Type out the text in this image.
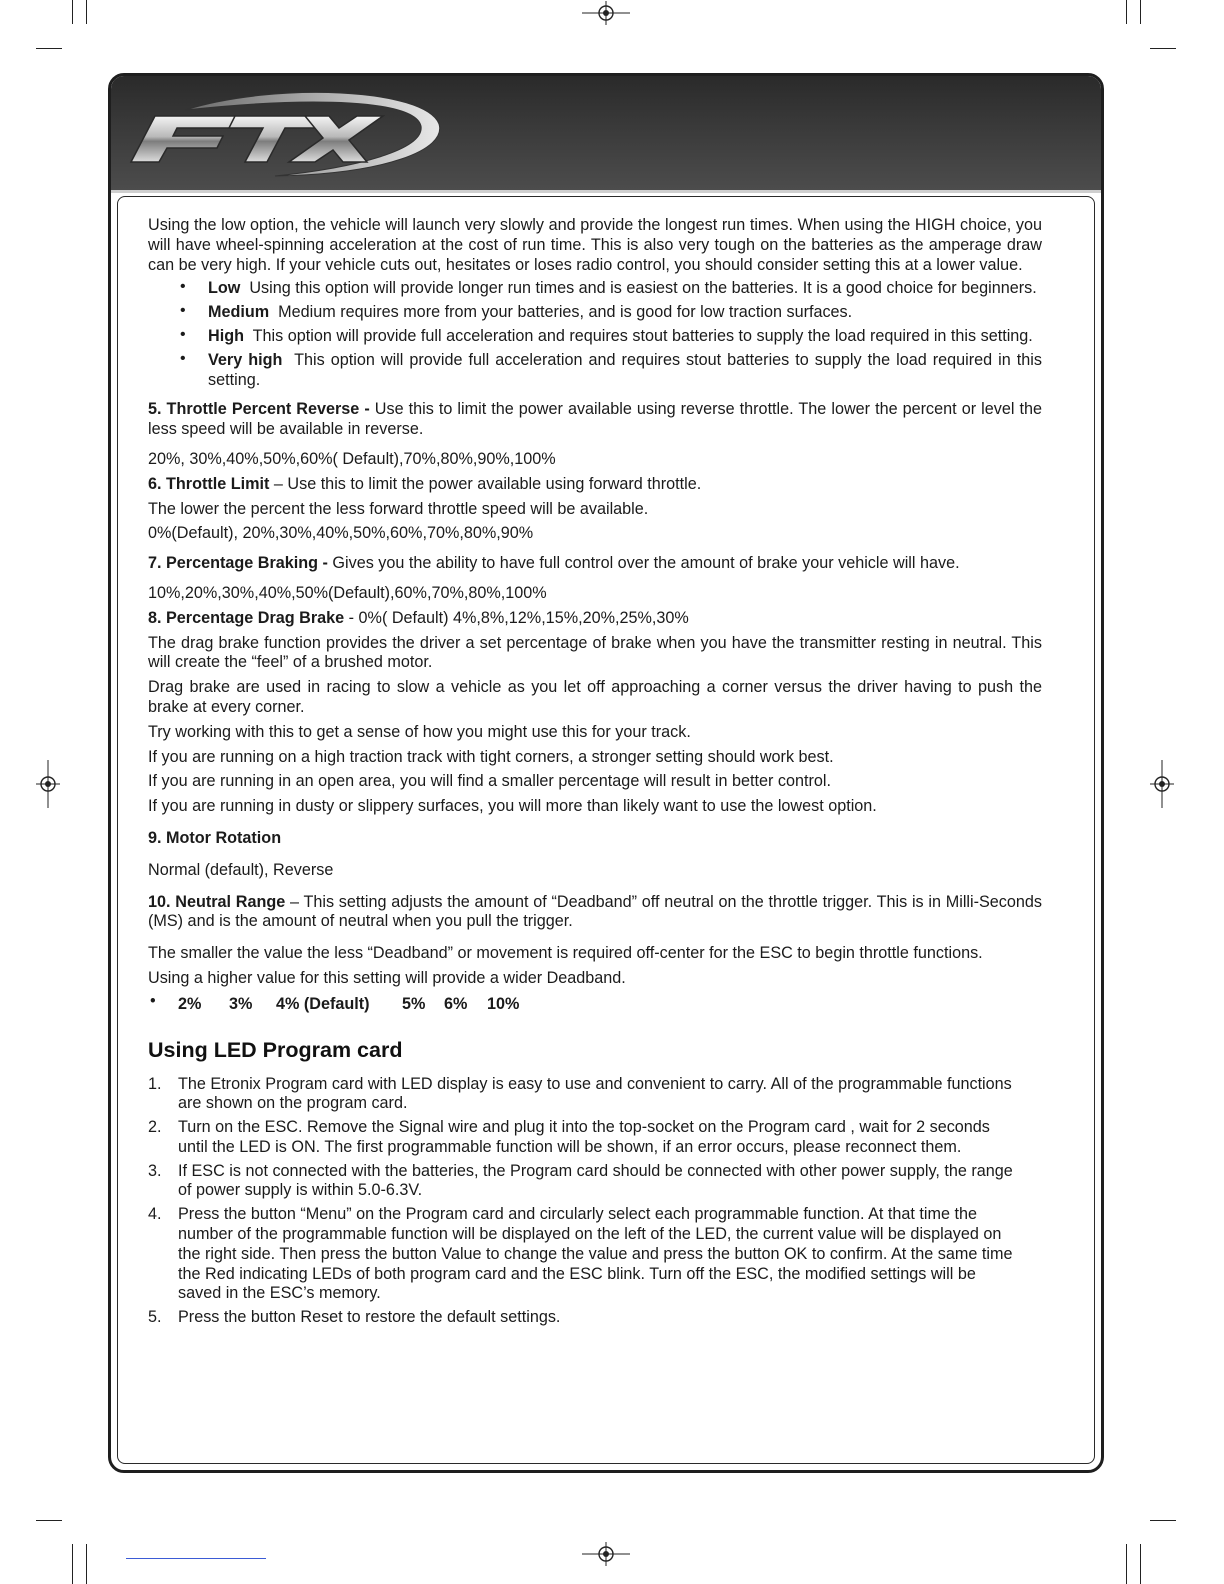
Using the low option, the vehicle will launch very slowly and provide the longest run times. When using the HIGH choice, you will have wheel-spinning acceleration at the cost of run time. This is also very tough on the batteries as the amperage draw can be very high. If your vehicle cuts out, hesitates or loses radio control, you should consider setting this at a lower value.

• Low  Using this option will provide longer run times and is easiest on the batteries. It is a good choice for beginners.
• Medium  Medium requires more from your batteries, and is good for low traction surfaces.
• High  This option will provide full acceleration and requires stout batteries to supply the load required in this setting.
• Very high  This option will provide full acceleration and requires stout batteries to supply the load required in this setting.

5. Throttle Percent Reverse - Use this to limit the power available using reverse throttle. The lower the percent or level the less speed will be available in reverse.

20%, 30%,40%,50%,60%( Default),70%,80%,90%,100%

6. Throttle Limit – Use this to limit the power available using forward throttle.

The lower the percent the less forward throttle speed will be available.

0%(Default), 20%,30%,40%,50%,60%,70%,80%,90%

7. Percentage Braking - Gives you the ability to have full control over the amount of brake your vehicle will have.

10%,20%,30%,40%,50%(Default),60%,70%,80%,100%

8. Percentage Drag Brake - 0%( Default) 4%,8%,12%,15%,20%,25%,30%

The drag brake function provides the driver a set percentage of brake when you have the transmitter resting in neutral. This will create the “feel” of a brushed motor.

Drag brake are used in racing to slow a vehicle as you let off approaching a corner versus the driver having to push the brake at every corner.

Try working with this to get a sense of how you might use this for your track.

If you are running on a high traction track with tight corners, a stronger setting should work best.

If you are running in an open area, you will find a smaller percentage will result in better control.

If you are running in dusty or slippery surfaces, you will more than likely want to use the lowest option.

9. Motor Rotation

Normal (default), Reverse

10. Neutral Range – This setting adjusts the amount of “Deadband” off neutral on the throttle trigger. This is in Milli-Seconds (MS) and is the amount of neutral when you pull the trigger.

The smaller the value the less “Deadband” or movement is required off-center for the ESC to begin throttle functions.

Using a higher value for this setting will provide a wider Deadband.

• 2% 3% 4% (Default) 5% 6% 10%
Using LED Program card
1. The Etronix Program card with LED display is easy to use and convenient to carry. All of the programmable functions are shown on the program card.
2. Turn on the ESC. Remove the Signal wire and plug it into the top-socket on the Program card , wait for 2 seconds until the LED is ON. The first programmable function will be shown, if an error occurs, please reconnect them.
3. If ESC is not connected with the batteries, the Program card should be connected with other power supply, the range of power supply is within 5.0-6.3V.
4. Press the button “Menu” on the Program card and circularly select each programmable function. At that time the number of the programmable function will be displayed on the left of the LED, the current value will be displayed on the right side. Then press the button Value to change the value and press the button OK to confirm. At the same time the Red indicating LEDs of both program card and the ESC blink. Turn off the ESC, the modified settings will be saved in the ESC’s memory.
5. Press the button Reset to restore the default settings.
